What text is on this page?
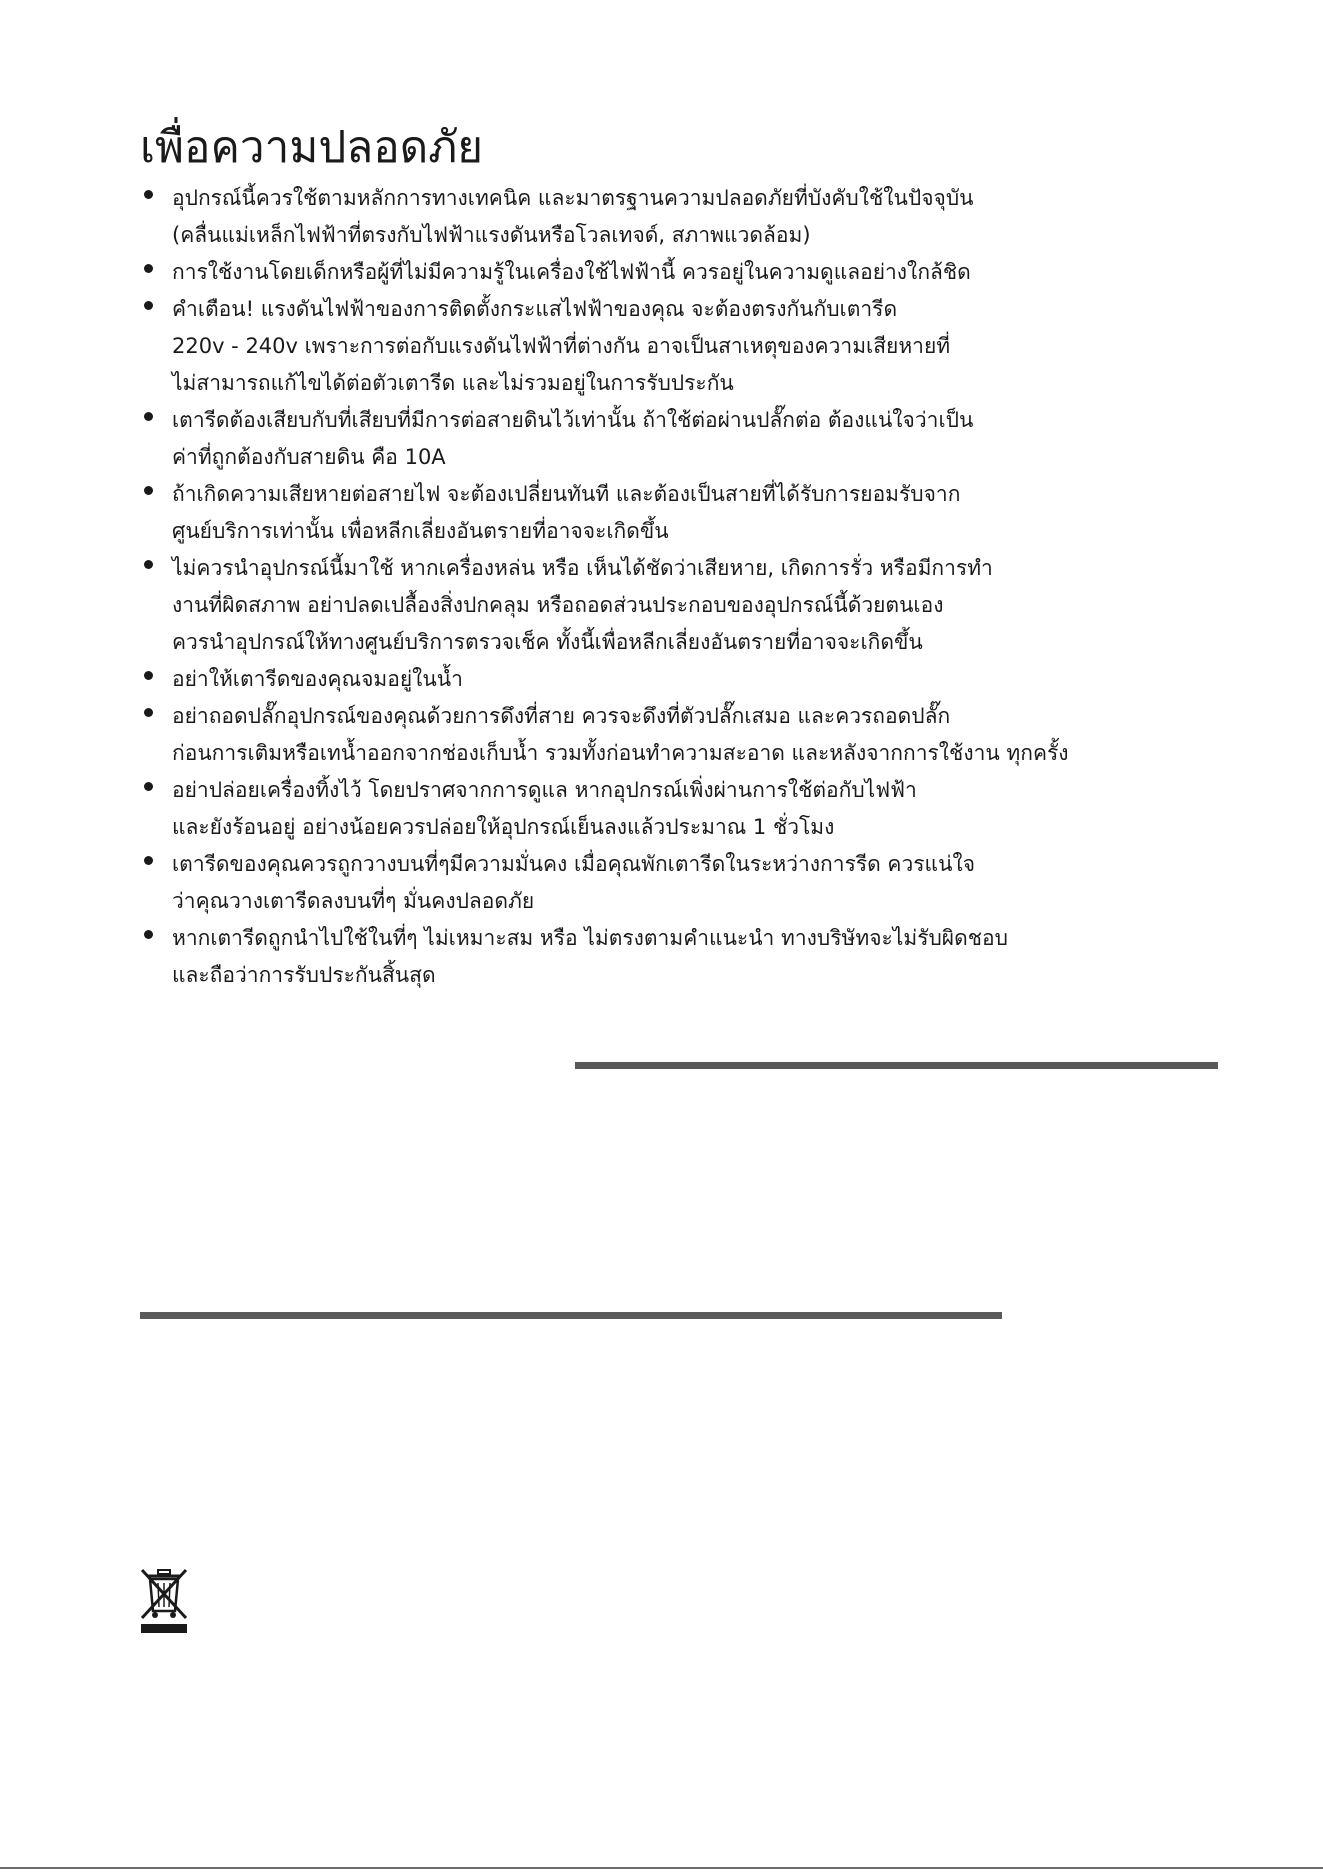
เพื่อความปลอดภัย
อุปกรณ์นี้ควรใช้ตามหลักการทางเทคนิค และมาตรฐานความปลอดภัยที่บังคับใช้ในปัจจุบัน
(คลื่นแม่เหล็กไฟฟ้าที่ตรงกับไฟฟ้าแรงดันหรือโวลเทจด์, สภาพแวดล้อม)
การใช้งานโดยเด็กหรือผู้ที่ไม่มีความรู้ในเครื่องใช้ไฟฟ้านี้ ควรอยู่ในความดูแลอย่างใกล้ชิด
คำเตือน! แรงดันไฟฟ้าของการติดตั้งกระแสไฟฟ้าของคุณ จะต้องตรงกันกับเตารีด
220v - 240v เพราะการต่อกับแรงดันไฟฟ้าที่ต่างกัน อาจเป็นสาเหตุของความเสียหายที่
ไม่สามารถแก้ไขได้ต่อตัวเตารีด และไม่รวมอยู่ในการรับประกัน
เตารีดต้องเสียบกับที่เสียบที่มีการต่อสายดินไว้เท่านั้น ถ้าใช้ต่อผ่านปลั๊กต่อ ต้องแน่ใจว่าเป็น
ค่าที่ถูกต้องกับสายดิน คือ 10A
ถ้าเกิดความเสียหายต่อสายไฟ จะต้องเปลี่ยนทันที และต้องเป็นสายที่ได้รับการยอมรับจาก
ศูนย์บริการเท่านั้น เพื่อหลีกเลี่ยงอันตรายที่อาจจะเกิดขึ้น
ไม่ควรนำอุปกรณ์นี้มาใช้ หากเครื่องหล่น หรือ เห็นได้ชัดว่าเสียหาย, เกิดการรั่ว หรือมีการทำ
งานที่ผิดสภาพ อย่าปลดเปลื้องสิ่งปกคลุม หรือถอดส่วนประกอบของอุปกรณ์นี้ด้วยตนเอง
ควรนำอุปกรณ์ให้ทางศูนย์บริการตรวจเช็ค ทั้งนี้เพื่อหลีกเลี่ยงอันตรายที่อาจจะเกิดขึ้น
อย่าให้เตารีดของคุณจมอยู่ในน้ำ
อย่าถอดปลั๊กอุปกรณ์ของคุณด้วยการดึงที่สาย ควรจะดึงที่ตัวปลั๊กเสมอ และควรถอดปลั๊ก
ก่อนการเติมหรือเทน้ำออกจากช่องเก็บน้ำ รวมทั้งก่อนทำความสะอาด และหลังจากการใช้งาน ทุกครั้ง
อย่าปล่อยเครื่องทิ้งไว้ โดยปราศจากการดูแล หากอุปกรณ์เพิ่งผ่านการใช้ต่อกับไฟฟ้า
และยังร้อนอยู่ อย่างน้อยควรปล่อยให้อุปกรณ์เย็นลงแล้วประมาณ 1 ชั่วโมง
เตารีดของคุณควรถูกวางบนที่ๆมีความมั่นคง เมื่อคุณพักเตารีดในระหว่างการรีด ควรแน่ใจ
ว่าคุณวางเตารีดลงบนที่ๆ มั่นคงปลอดภัย
หากเตารีดถูกนำไปใช้ในที่ๆ ไม่เหมาะสม หรือ ไม่ตรงตามคำแนะนำ ทางบริษัทจะไม่รับผิดชอบ
และถือว่าการรับประกันสิ้นสุด
